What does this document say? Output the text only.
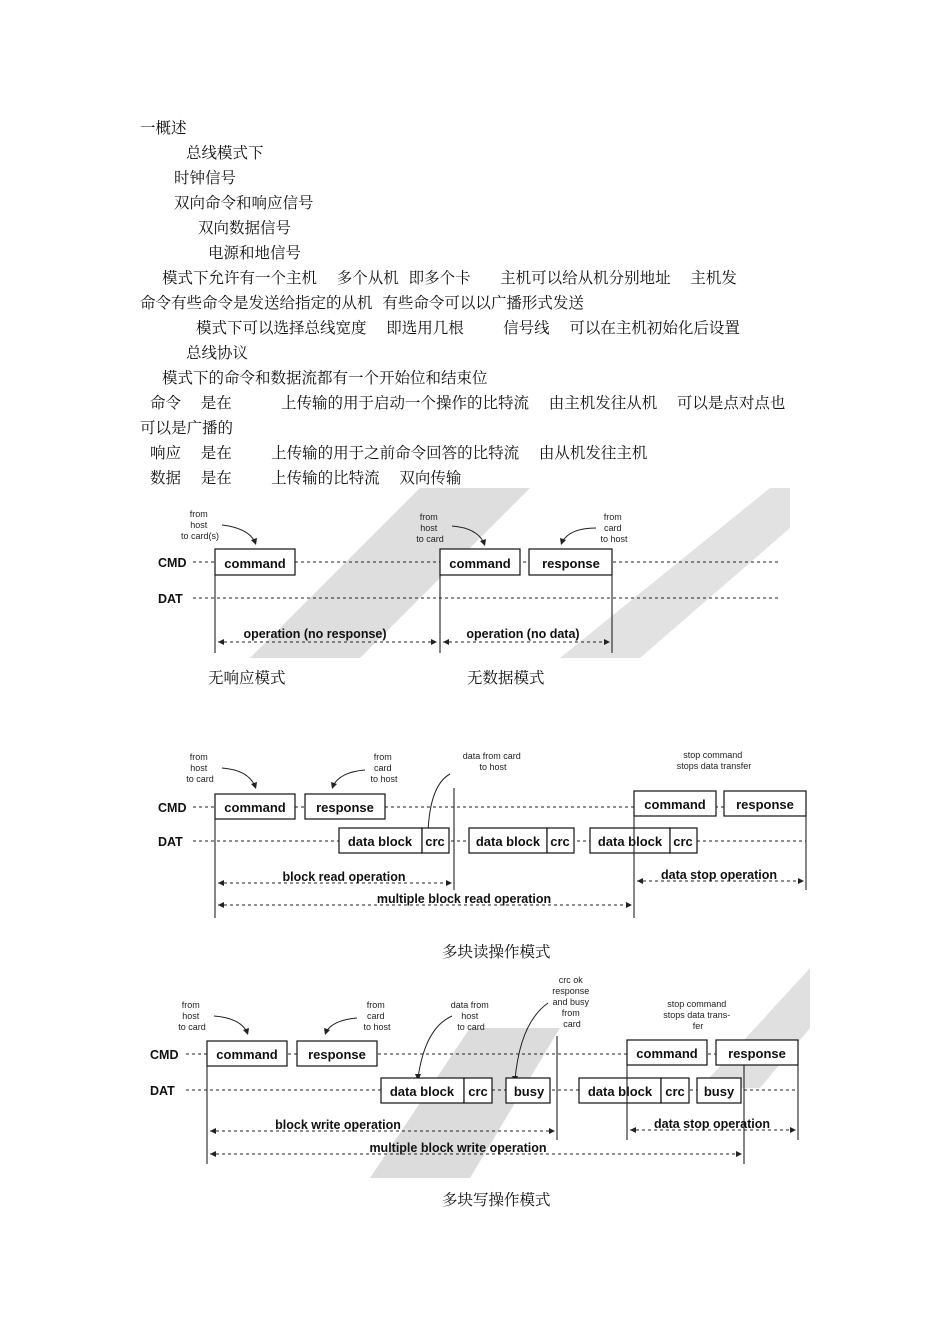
一概述
总线模式下
时钟信号
双向命令和响应信号
双向数据信号
电源和地信号
模式下允许有一个主机    多个从机  即多个卡      主机可以给从机分别地址    主机发
命令有些命令是发送给指定的从机  有些命令可以以广播形式发送
模式下可以选择总线宽度    即选用几根        信号线    可以在主机初始化后设置
总线协议
模式下的命令和数据流都有一个开始位和结束位
命令    是在          上传输的用于启动一个操作的比特流    由主机发往从机    可以是点对点也
可以是广播的
响应    是在        上传输的用于之前命令回答的比特流    由从机发往主机
数据    是在        上传输的比特流    双向传输
from host to card(s)
from host to card
from card to host
CMD
DAT
command	command response
operation (no response)	operation (no data)
无响应模式	无数据模式
from host to card
from card to host
data from card to host
stop command stops data transfer
CMD
DAT
command response	command response
data block crc data block crc data block crc
block read operation	data stop operation
multiple block read operation
多块读操作模式
from host to card
from card to host
data from host to card
crc ok response and busy from card
stop command stops data trans- fer
CMD
DAT
command response	command response
data block crc busy	data block crc busy
block write operation	data stop operation
multiple block write operation
多块写操作模式
